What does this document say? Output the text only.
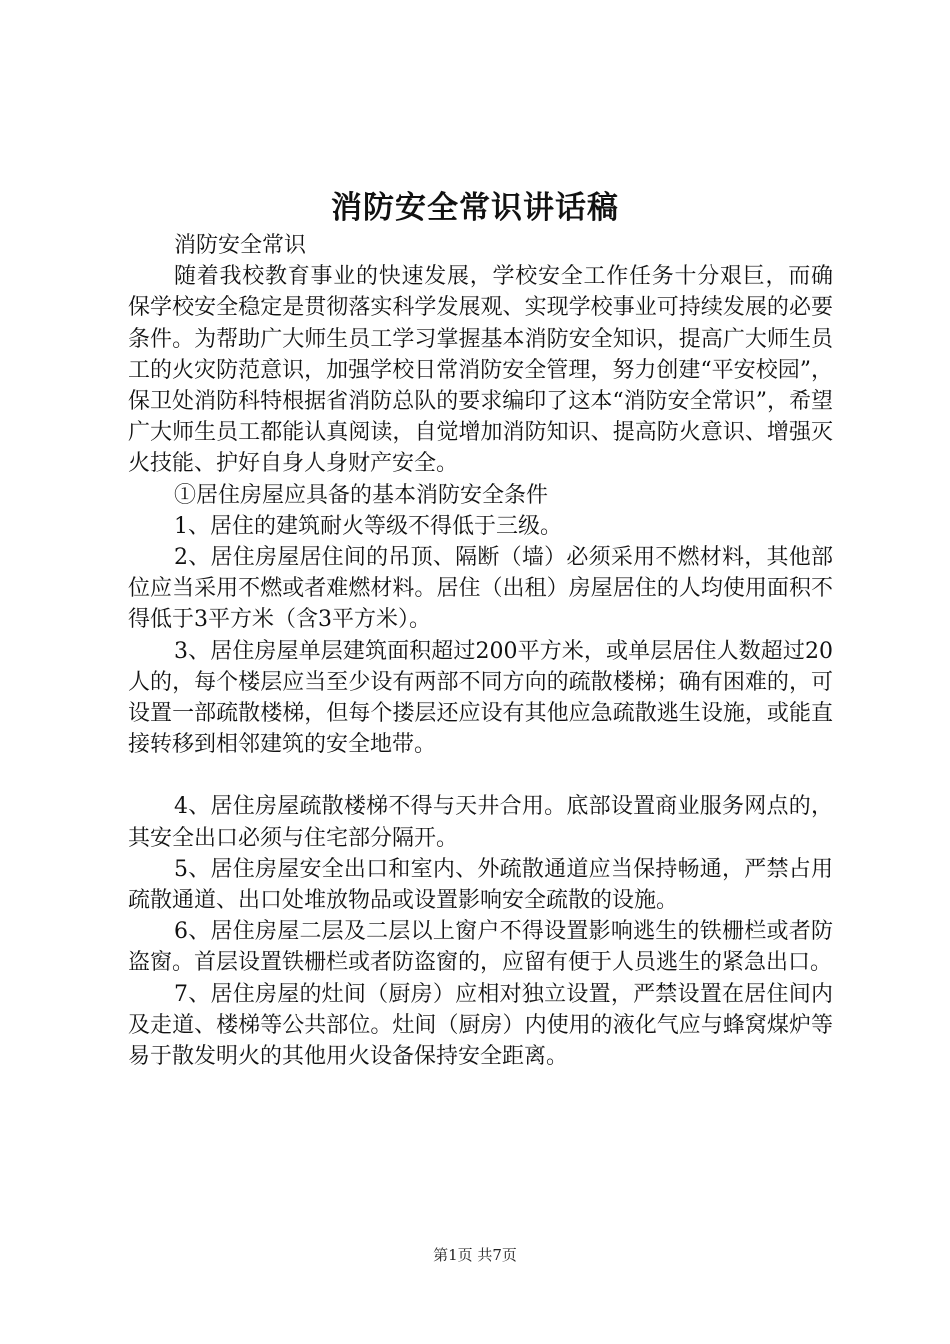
消防安全常识讲话稿

消防安全常识

随着我校教育事业的快速发展，学校安全工作任务十分艰巨，而确保学校安全稳定是贯彻落实科学发展观、实现学校事业可持续发展的必要条件。为帮助广大师生员工学习掌握基本消防安全知识，提高广大师生员工的火灾防范意识，加强学校日常消防安全管理，努力创建“平安校园”，保卫处消防科特根据省消防总队的要求编印了这本“消防安全常识”，希望广大师生员工都能认真阅读，自觉增加消防知识、提高防火意识、增强灭火技能、护好自身人身财产安全。

①居住房屋应具备的基本消防安全条件

1、居住的建筑耐火等级不得低于三级。

2、居住房屋居住间的吊顶、隔断（墙）必须采用不燃材料，其他部位应当采用不燃或者难燃材料。居住（出租）房屋居住的人均使用面积不得低于3平方米（含3平方米）。

3、居住房屋单层建筑面积超过200平方米，或单层居住人数超过20人的，每个楼层应当至少设有两部不同方向的疏散楼梯；确有困难的，可设置一部疏散楼梯，但每个搂层还应设有其他应急疏散逃生设施，或能直接转移到相邻建筑的安全地带。

4、居住房屋疏散楼梯不得与天井合用。底部设置商业服务网点的，其安全出口必须与住宅部分隔开。

5、居住房屋安全出口和室内、外疏散通道应当保持畅通，严禁占用疏散通道、出口处堆放物品或设置影响安全疏散的设施。

6、居住房屋二层及二层以上窗户不得设置影响逃生的铁栅栏或者防盗窗。首层设置铁栅栏或者防盗窗的，应留有便于人员逃生的紧急出口。

7、居住房屋的灶间（厨房）应相对独立设置，严禁设置在居住间内及走道、楼梯等公共部位。灶间（厨房）内使用的液化气应与蜂窝煤炉等易于散发明火的其他用火设备保持安全距离。

第1页 共7页
